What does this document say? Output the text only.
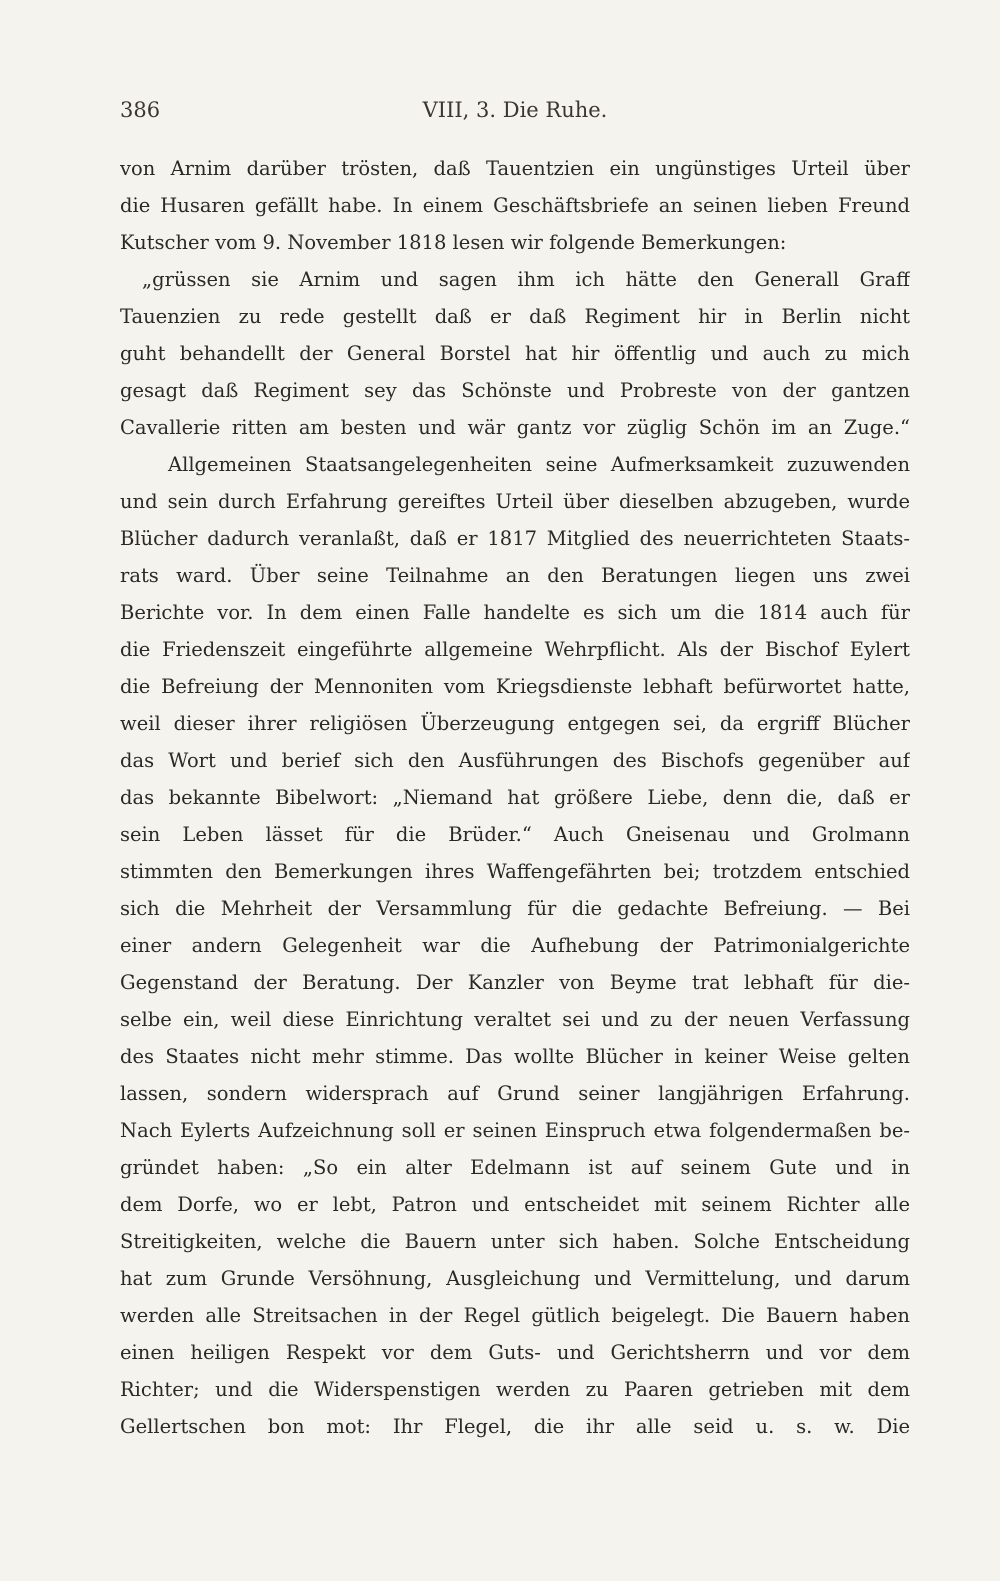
386	VIII, 3. Die Ruhe.
von Arnim darüber trösten, daß Tauentzien ein ungünstiges Urteil über
die Husaren gefällt habe. In einem Geschäftsbriefe an seinen lieben Freund
Kutscher vom 9. November 1818 lesen wir folgende Bemerkungen:
„grüssen sie Arnim und sagen ihm ich hätte den Generall Graff
Tauenzien zu rede gestellt daß er daß Regiment hir in Berlin nicht
guht behandellt der General Borstel hat hir öffentlig und auch zu mich
gesagt daß Regiment sey das Schönste und Probreste von der gantzen
Cavallerie ritten am besten und wär gantz vor züglig Schön im an Zuge.“
Allgemeinen Staatsangelegenheiten seine Aufmerksamkeit zuzuwenden
und sein durch Erfahrung gereiftes Urteil über dieselben abzugeben, wurde
Blücher dadurch veranlaßt, daß er 1817 Mitglied des neuerrichteten Staats-
rats ward. Über seine Teilnahme an den Beratungen liegen uns zwei
Berichte vor. In dem einen Falle handelte es sich um die 1814 auch für
die Friedenszeit eingeführte allgemeine Wehrpflicht. Als der Bischof Eylert
die Befreiung der Mennoniten vom Kriegsdienste lebhaft befürwortet hatte,
weil dieser ihrer religiösen Überzeugung entgegen sei, da ergriff Blücher
das Wort und berief sich den Ausführungen des Bischofs gegenüber auf
das bekannte Bibelwort: „Niemand hat größere Liebe, denn die, daß er
sein Leben lässet für die Brüder.“ Auch Gneisenau und Grolmann
stimmten den Bemerkungen ihres Waffengefährten bei; trotzdem entschied
sich die Mehrheit der Versammlung für die gedachte Befreiung. — Bei
einer andern Gelegenheit war die Aufhebung der Patrimonialgerichte
Gegenstand der Beratung. Der Kanzler von Beyme trat lebhaft für die-
selbe ein, weil diese Einrichtung veraltet sei und zu der neuen Verfassung
des Staates nicht mehr stimme. Das wollte Blücher in keiner Weise gelten
lassen, sondern widersprach auf Grund seiner langjährigen Erfahrung.
Nach Eylerts Aufzeichnung soll er seinen Einspruch etwa folgendermaßen be-
gründet haben: „So ein alter Edelmann ist auf seinem Gute und in
dem Dorfe, wo er lebt, Patron und entscheidet mit seinem Richter alle
Streitigkeiten, welche die Bauern unter sich haben. Solche Entscheidung
hat zum Grunde Versöhnung, Ausgleichung und Vermittelung, und darum
werden alle Streitsachen in der Regel gütlich beigelegt. Die Bauern haben
einen heiligen Respekt vor dem Guts- und Gerichtsherrn und vor dem
Richter; und die Widerspenstigen werden zu Paaren getrieben mit dem
Gellertschen bon mot: Ihr Flegel, die ihr alle seid u. s. w. Die
